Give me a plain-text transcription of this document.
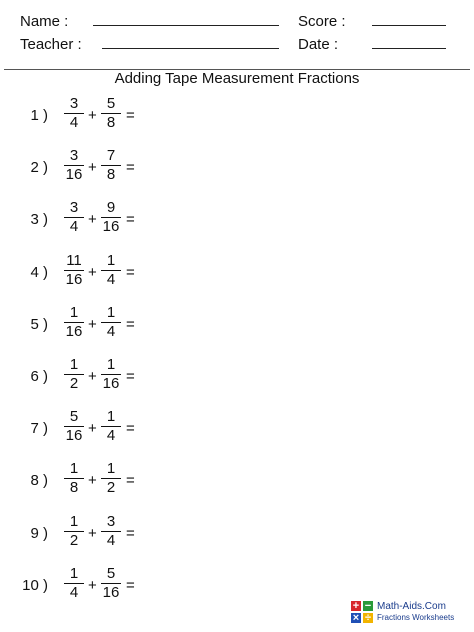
Name :	Score :
Teacher :	Date :
Adding Tape Measurement Fractions
1 )
3
4 +
5
8 =
2 )
3
16 +
7
8 =
3 )
3
4 +
9
16 =
4 )
11
16 +
1
4 =
5 )
1
16 +
1
4 =
6 )
1
2 +
1
16 =
7 )
5
16 +
1
4 =
8 )
1
8 +
1
2 =
9 )
1
2 +
3
4 =
10 )
1
4 +
5
16 =
+ −
× ÷
Math-Aids.Com
Fractions Worksheets
